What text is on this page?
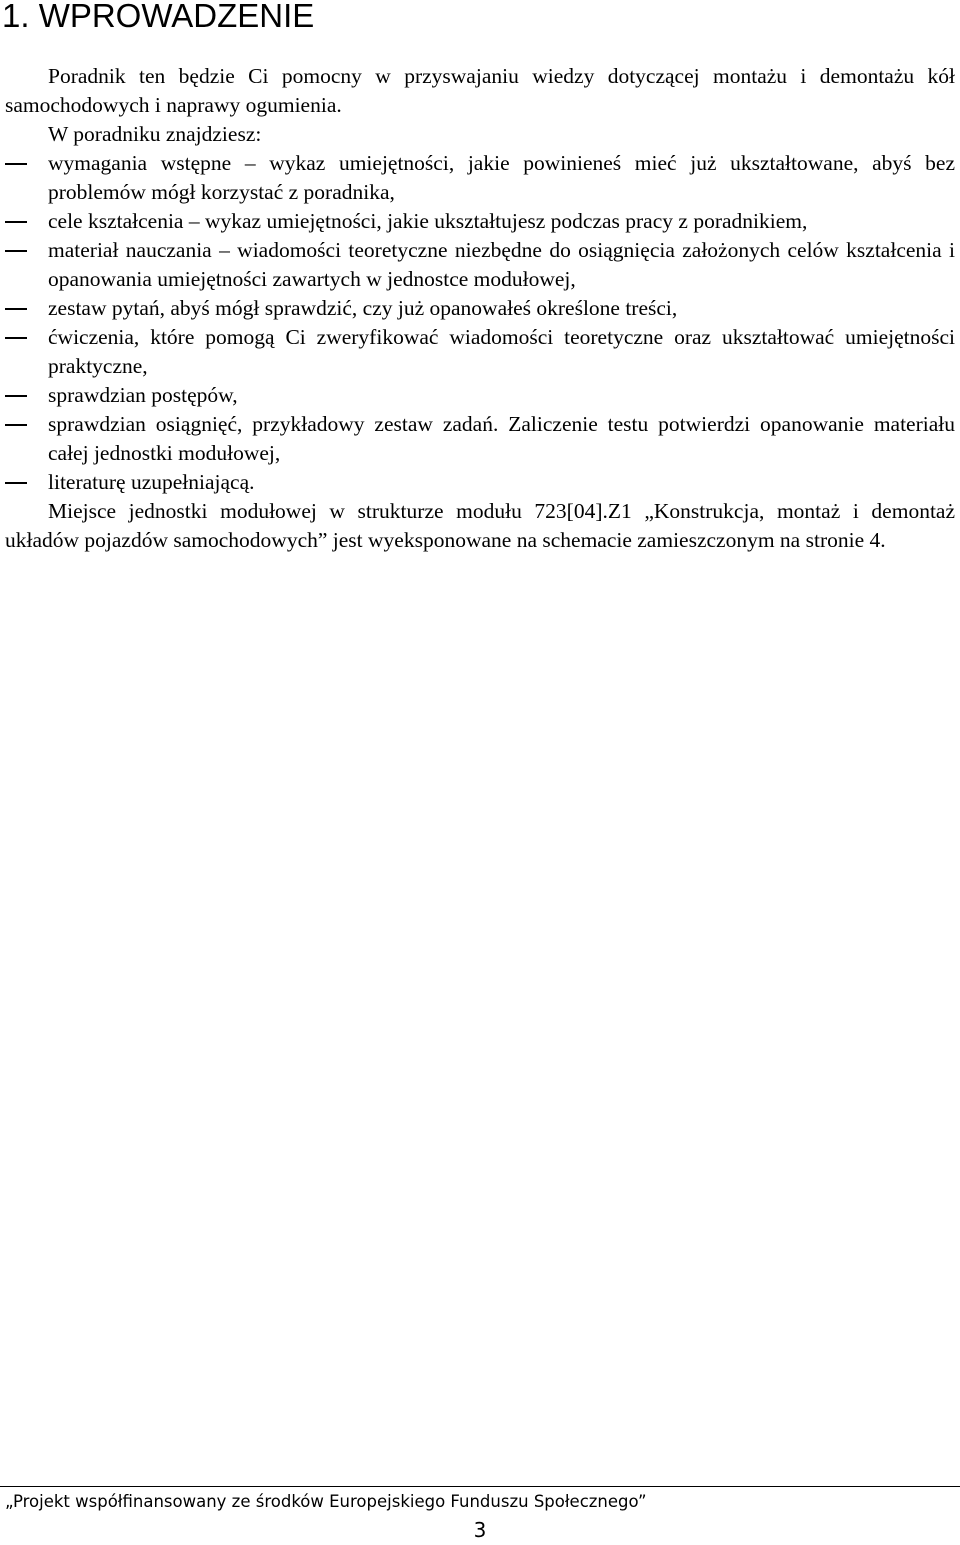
1. WPROWADZENIE

Poradnik ten będzie Ci pomocny w przyswajaniu wiedzy dotyczącej montażu i demontażu kół samochodowych i naprawy ogumienia.

W poradniku znajdziesz:

wymagania wstępne – wykaz umiejętności, jakie powinieneś mieć już ukształtowane, abyś bez problemów mógł korzystać z poradnika,
cele kształcenia – wykaz umiejętności, jakie ukształtujesz podczas pracy z poradnikiem,
materiał nauczania – wiadomości teoretyczne niezbędne do osiągnięcia założonych celów kształcenia i opanowania umiejętności zawartych w jednostce modułowej,
zestaw pytań, abyś mógł sprawdzić, czy już opanowałeś określone treści,
ćwiczenia, które pomogą Ci zweryfikować wiadomości teoretyczne oraz ukształtować umiejętności praktyczne,
sprawdzian postępów,
sprawdzian osiągnięć, przykładowy zestaw zadań. Zaliczenie testu potwierdzi opanowanie materiału całej jednostki modułowej,
literaturę uzupełniającą.

Miejsce jednostki modułowej w strukturze modułu 723[04].Z1 „Konstrukcja, montaż i demontaż układów pojazdów samochodowych” jest wyeksponowane na schemacie zamieszczonym na stronie 4.

„Projekt współfinansowany ze środków Europejskiego Funduszu Społecznego”
3
